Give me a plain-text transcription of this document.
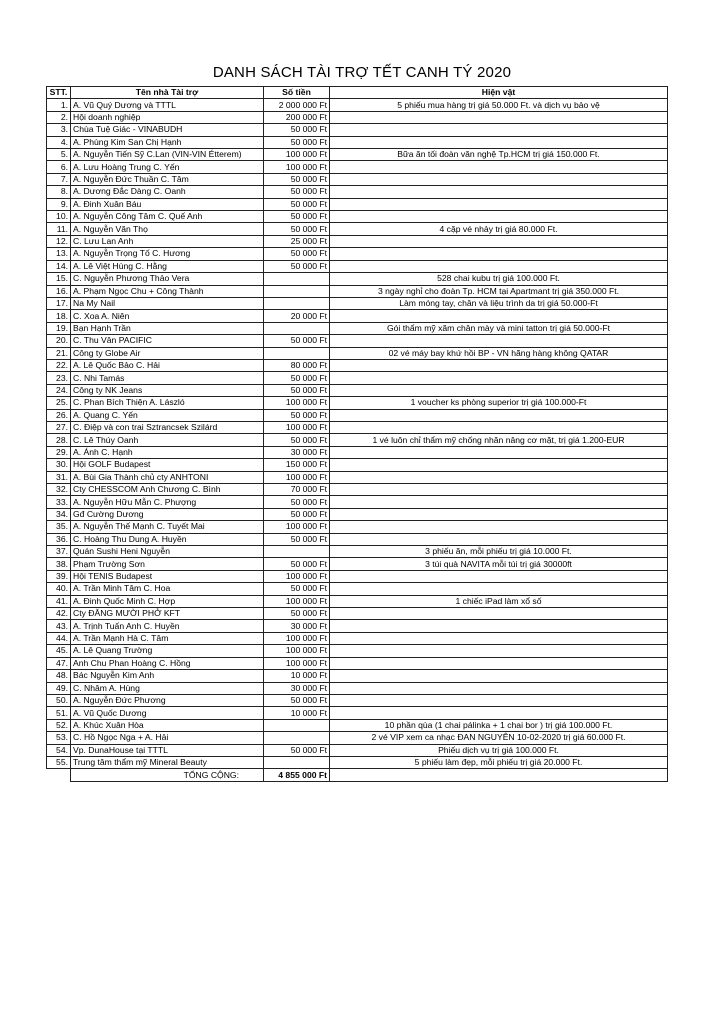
DANH SÁCH TÀI TRỢ TẾT CANH TÝ 2020
STT.	Tên nhà Tài trợ	Số tiền	Hiện vật
1.	A. Vũ Quý Dương và TTTL	2 000 000 Ft	5 phiếu mua hàng trị giá 50.000 Ft. và dịch vụ bảo vệ
2.	Hội doanh nghiệp	200 000 Ft	
3.	Chùa Tuệ Giác - VINABUDH	50 000 Ft	
4.	A. Phùng Kim San Chị Hạnh	50 000 Ft	
5.	A. Nguyễn Tiến Sỹ C.Lan (VIN-VIN Étterem)	100 000 Ft	Bữa ăn tối đoàn văn nghệ Tp.HCM trị giá 150.000 Ft.
6.	A. Lưu Hoàng Trung C. Yến	100 000 Ft	
7.	A. Nguyễn Đức Thuần C. Tâm	50 000 Ft	
8.	A. Dương Đắc Dàng C. Oanh	50 000 Ft	
9.	A. Đinh Xuân Báu	50 000 Ft	
10.	A. Nguyễn Công Tâm C. Quế Anh	50 000 Ft	
11.	A. Nguyễn Văn Thọ	50 000 Ft	4 cặp vé nhảy trị giá 80.000 Ft.
12.	C. Lưu Lan Anh	25 000 Ft	
13.	A. Nguyễn Trọng Tố C. Hương	50 000 Ft	
14.	A. Lê Việt Hùng C. Hằng	50 000 Ft	
15.	C. Nguyễn Phương Thảo Vera		528 chai kubu trị giá 100.000 Ft.
16.	A. Phạm Ngọc Chu + Công Thành		3 ngày nghỉ cho đoàn Tp. HCM tại Apartmant trị giá 350.000 Ft.
17.	Na My Nail		Làm móng tay, chân và liệu trình da trị giá 50.000-Ft
18.	C. Xoa A. Niên	20 000 Ft	
19.	Bạn Hạnh Trần		Gói thẩm mỹ xăm chân mày và mini tatton trị giá 50.000-Ft
20.	C. Thu Vân PACIFIC	50 000 Ft	
21.	Công ty Globe Air		02 vé máy bay khứ hồi BP - VN hãng hàng không QATAR
22.	A. Lê Quốc Bảo C. Hải	80 000 Ft	
23.	C. Nhi Tamás	50 000 Ft	
24.	Công ty NK Jeans	50 000 Ft	
25.	C. Phan Bích Thiện A. László	100 000 Ft	1 voucher ks phòng superior trị giá 100.000-Ft
26.	A. Quang C. Yến	50 000 Ft	
27.	C. Điệp và con trai Sztrancsek Szilárd	100 000 Ft	
28.	C. Lê Thúy Oanh	50 000 Ft	1 vé luôn chỉ thẩm mỹ chống nhăn nâng cơ mặt, trị giá 1.200-EUR
29.	A. Ánh C. Hạnh	30 000 Ft	
30.	Hội GOLF Budapest	150 000 Ft	
31.	A. Bùi Gia Thành chủ cty ANHTONI	100 000 Ft	
32.	Cty CHESSCOM Anh Chương C. Bình	70 000 Ft	
33.	A. Nguyễn Hữu Mẫn C. Phượng	50 000 Ft	
34.	Gđ Cường Dương	50 000 Ft	
35.	A. Nguyễn Thế Mạnh C. Tuyết Mai	100 000 Ft	
36.	C. Hoàng Thu Dung A. Huyền	50 000 Ft	
37.	Quán Sushi Heni Nguyễn		3 phiếu ăn, mỗi phiếu trị giá 10.000 Ft.
38.	Phạm Trường Sơn	50 000 Ft	3 túi quà NAVITA mỗi túi trị giá 30000ft
39.	Hội TENIS Budapest	100 000 Ft	
40.	A. Trần Minh Tâm C. Hoa	50 000 Ft	
41.	A. Đinh Quốc Minh C. Hợp	100 000 Ft	1 chiếc iPad làm xổ số
42.	Cty ĐĂNG MƯỜI PHỞ KFT	50 000 Ft	
43.	A. Trịnh Tuấn Anh C. Huyền	30 000 Ft	
44.	A. Trần Mạnh Hà C. Tâm	100 000 Ft	
45.	A. Lê Quang Trường	100 000 Ft	
47.	Anh Chu Phan Hoàng C. Hồng	100 000 Ft	
48.	Bác Nguyễn Kim Anh	10 000 Ft	
49.	C. Nhâm A. Hùng	30 000 Ft	
50.	A. Nguyễn Đức Phương	50 000 Ft	
51.	A. Vũ Quốc Dương	10 000 Ft	
52.	A. Khúc Xuân Hòa		10 phần qùa (1 chai pálinka + 1 chai bor ) trị giá 100.000 Ft.
53.	C. Hồ Ngọc Nga + A. Hải		2 vé VIP xem ca nhạc ĐAN NGUYÊN 10-02-2020 trị giá 60.000 Ft.
54.	Vp. DunaHouse tại TTTL	50 000 Ft	Phiếu dịch vụ trị giá 100.000 Ft.
55.	Trung tâm thẩm mỹ Mineral Beauty		5 phiếu làm đẹp, mỗi phiếu trị giá 20.000 Ft.
	TỔNG CỘNG:	4 855 000 Ft	
